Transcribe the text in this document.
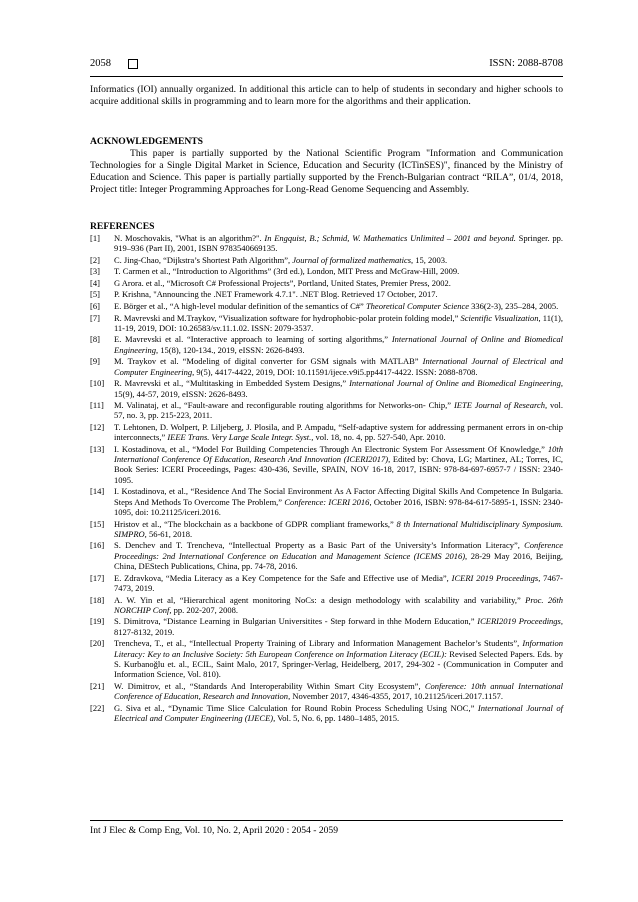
2058	ISSN: 2088-8708

Informatics (IOI) annually organized. In additional this article can to help of students in secondary and higher schools to acquire additional skills in programming and to learn more for the algorithms and their application.

ACKNOWLEDGEMENTS

This paper is partially supported by the National Scientific Program "Information and Communication Technologies for a Single Digital Market in Science, Education and Security (ICTinSES)", financed by the Ministry of Education and Science. This paper is partially partially supported by the French-Bulgarian contract “RILA”, 01/4, 2018, Project title: Integer Programming Approaches for Long-Read Genome Sequencing and Assembly.

REFERENCES

[1] N. Moschovakis, "What is an algorithm?". In Engquist, B.; Schmid, W. Mathematics Unlimited – 2001 and beyond. Springer. pp. 919–936 (Part II), 2001, ISBN 9783540669135.
[2] C. Jing-Chao, “Dijkstra’s Shortest Path Algorithm”, Journal of formalized mathematics, 15, 2003.
[3] T. Carmen et al., “Introduction to Algorithms” (3rd ed.), London, MIT Press and McGraw-Hill, 2009.
[4] G Arora. et al., “Microsoft C# Professional Projects”, Portland, United States, Premier Press, 2002.
[5] P. Krishna, "Announcing the .NET Framework 4.7.1". .NET Blog. Retrieved 17 October, 2017.
[6] E. Börger et al., “A high-level modular definition of the semantics of C#” Theoretical Computer Science 336(2-3), 235–284, 2005.
[7] R. Mavrevski and M.Traykov, “Visualization software for hydrophobic-polar protein folding model,” Scientific Visualization, 11(1), 11-19, 2019, DOI: 10.26583/sv.11.1.02. ISSN: 2079-3537.
[8] E. Mavrevski et al. “Interactive approach to learning of sorting algorithms,” International Journal of Online and Biomedical Engineering, 15(8), 120-134., 2019, eISSN: 2626-8493.
[9] M. Traykov et al. “Modeling of digital converter for GSM signals with MATLAB” International Journal of Electrical and Computer Engineering, 9(5), 4417-4422, 2019, DOI: 10.11591/ijece.v9i5.pp4417-4422. ISSN: 2088-8708.
[10] R. Mavrevski et al., “Multitasking in Embedded System Designs,” International Journal of Online and Biomedical Engineering, 15(9), 44-57, 2019, eISSN: 2626-8493.
[11] M. Valinataj, et al., “Fault-aware and reconfigurable routing algorithms for Networks-on- Chip,” IETE Journal of Research, vol. 57, no. 3, pp. 215-223, 2011.
[12] T. Lehtonen, D. Wolpert, P. Liljeberg, J. Plosila, and P. Ampadu, “Self-adaptive system for addressing permanent errors in on-chip interconnects,” IEEE Trans. Very Large Scale Integr. Syst., vol. 18, no. 4, pp. 527-540, Apr. 2010.
[13] I. Kostadinova, et al., “Model For Building Competencies Through An Electronic System For Assessment Of Knowledge,” 10th International Conference Of Education, Research And Innovation (ICERI2017), Edited by: Chova, LG; Martinez, AL; Torres, IC, Book Series: ICERI Proceedings, Pages: 430-436, Seville, SPAIN, NOV 16-18, 2017, ISBN: 978-84-697-6957-7 / ISSN: 2340-1095.
[14] I. Kostadinova, et al., “Residence And The Social Environment As A Factor Affecting Digital Skills And Competence In Bulgaria. Steps And Methods To Overcome The Problem,” Conference: ICERI 2016, October 2016, ISBN: 978-84-617-5895-1, ISSN: 2340-1095, doi: 10.21125/iceri.2016.
[15] Hristov et al., “The blockchain as a backbone of GDPR compliant frameworks,” 8 th International Multidisciplinary Symposium. SIMPRO, 56-61, 2018.
[16] S. Denchev and T. Trencheva, “Intellectual Property as a Basic Part of the University’s Information Literacy”, Conference Proceedings: 2nd International Conference on Education and Management Science (ICEMS 2016), 28-29 May 2016, Beijing, China, DEStech Publications, China, pp. 74-78, 2016.
[17] E. Zdravkova, “Media Literacy as a Key Competence for the Safe and Effective use of Media”, ICERI 2019 Proceedings, 7467-7473, 2019.
[18] A. W. Yin et al, “Hierarchical agent monitoring NoCs: a design methodology with scalability and variability,” Proc. 26th NORCHIP Conf, pp. 202-207, 2008.
[19] S. Dimitrova, “Distance Learning in Bulgarian Universitites - Step forward in thhe Modern Education,” ICERI2019 Proceedings, 8127-8132, 2019.
[20] Trencheva, T., et al., “Intellectual Property Training of Library and Information Management Bachelor’s Students”, Information Literacy: Key to an Inclusive Society: 5th European Conference on Information Literacy (ECIL): Revised Selected Papers. Eds. by S. Kurbanoğlu et. al., ECIL, Saint Malo, 2017, Springer-Verlag, Heidelberg, 2017, 294-302 - (Communication in Computer and Information Science, Vol. 810).
[21] W. Dimitrov, et al., “Standards And Interoperability Within Smart City Ecosystem”, Conference: 10th annual International Conference of Education, Research and Innovation, November 2017, 4346-4355, 2017, 10.21125/iceri.2017.1157.
[22] G. Siva et al., “Dynamic Time Slice Calculation for Round Robin Process Scheduling Using NOC,” International Journal of Electrical and Computer Engineering (IJECE), Vol. 5, No. 6, pp. 1480–1485, 2015.
Int J Elec & Comp Eng, Vol. 10, No. 2, April 2020 : 2054 - 2059
